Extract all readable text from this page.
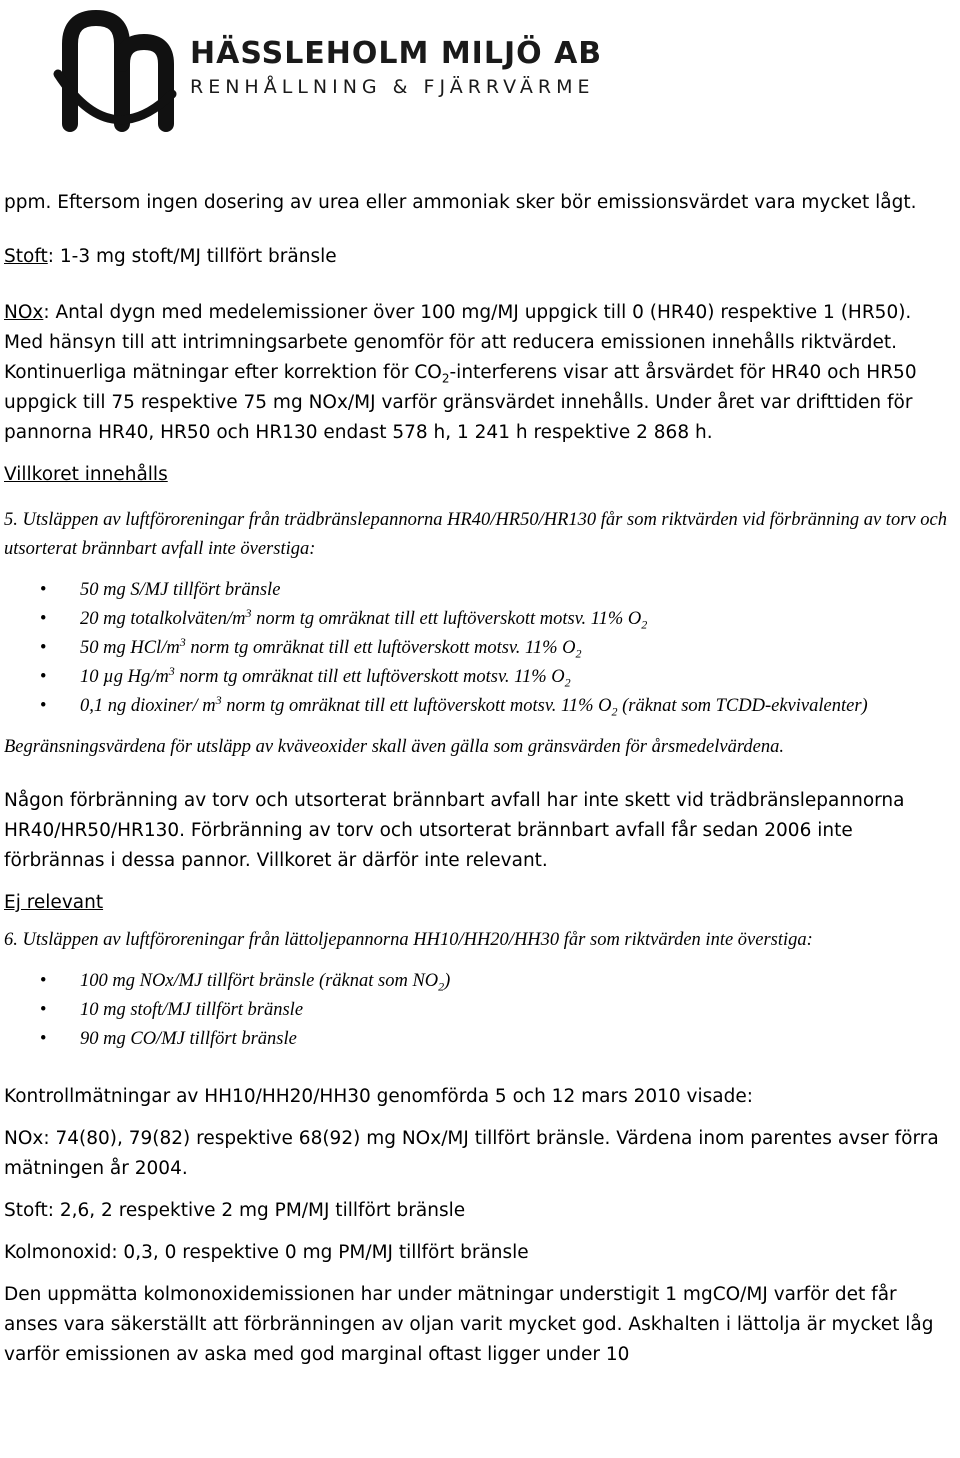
HÄSSLEHOLM MILJÖ AB
RENHÅLLNING & FJÄRRVÄRME

ppm. Eftersom ingen dosering av urea eller ammoniak sker bör emissionsvärdet vara mycket lågt.

Stoft: 1-3 mg stoft/MJ tillfört bränsle

NOx: Antal dygn med medelemissioner över 100 mg/MJ uppgick till 0 (HR40) respektive 1 (HR50). Med hänsyn till att intrimningsarbete genomför för att reducera emissionen innehålls riktvärdet. Kontinuerliga mätningar efter korrektion för $CO_2$-interferens visar att årsvärdet för HR40 och HR50 uppgick till 75 respektive 75 mg NOx/MJ varför gränsvärdet innehålls. Under året var drifttiden för pannorna HR40, HR50 och HR130 endast 578 h, 1 241 h respektive 2 868 h.

Villkoret innehålls

5. Utsläppen av luftföroreningar från trädbränslepannorna HR40/HR50/HR130 får som riktvärden vid förbränning av torv och utsorterat brännbart avfall inte överstiga:

• 50 mg S/MJ tillfört bränsle
• 20 mg totalkolväten/$m^3$ norm tg omräknat till ett luftöverskott motsv. 11% $O_2$
• 50 mg HCl/$m^3$ norm tg omräknat till ett luftöverskott motsv. 11% $O_2$
• 10 µg $Hg/m^3$ norm tg omräknat till ett luftöverskott motsv. 11% $O_2$
• 0,1 ng dioxiner/ $m^3$ norm tg omräknat till ett luftöverskott motsv. 11% $O_2$ (räknat som TCDD-ekvivalenter)

Begränsningsvärdena för utsläpp av kväveoxider skall även gälla som gränsvärden för årsmedelvärdena.

Någon förbränning av torv och utsorterat brännbart avfall har inte skett vid trädbränslepannorna HR40/HR50/HR130. Förbränning av torv och utsorterat brännbart avfall får sedan 2006 inte förbrännas i dessa pannor. Villkoret är därför inte relevant.

Ej relevant

6. Utsläppen av luftföroreningar från lättoljepannorna HH10/HH20/HH30 får som riktvärden inte överstiga:

• 100 mg NOx/MJ tillfört bränsle (räknat som $NO_2$)
• 10 mg stoft/MJ tillfört bränsle
• 90 mg CO/MJ tillfört bränsle

Kontrollmätningar av HH10/HH20/HH30 genomförda 5 och 12 mars 2010 visade:

NOx: 74(80), 79(82) respektive 68(92) mg NOx/MJ tillfört bränsle. Värdena inom parentes avser förra mätningen år 2004.

Stoft: 2,6, 2 respektive 2 mg PM/MJ tillfört bränsle

Kolmonoxid: 0,3, 0 respektive 0 mg PM/MJ tillfört bränsle

Den uppmätta kolmonoxidemissionen har under mätningar understigit 1 mgCO/MJ varför det får anses vara säkerställt att förbränningen av oljan varit mycket god. Askhalten i lättolja är mycket låg varför emissionen av aska med god marginal oftast ligger under 10
